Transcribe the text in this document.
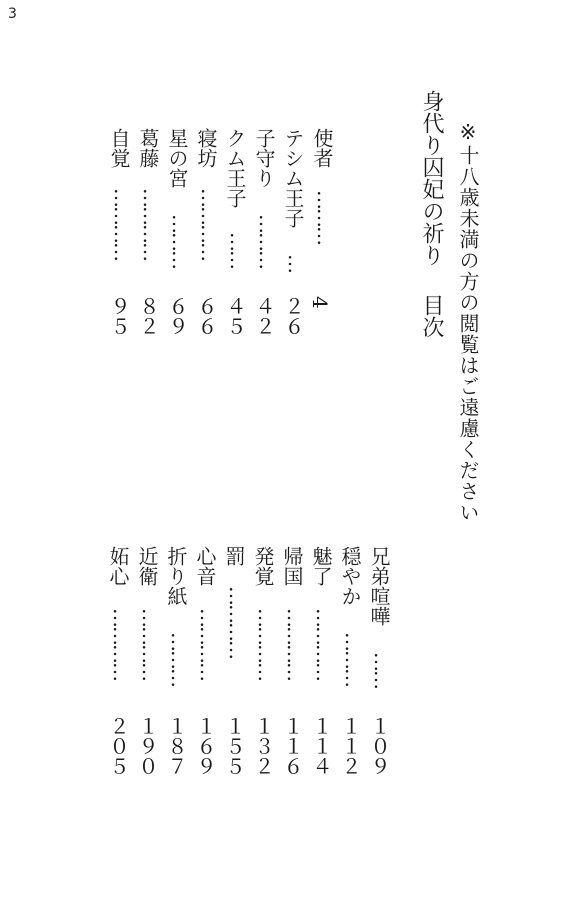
3
※十八歳未満の方の閲覧はご遠慮ください
身代り囚妃の祈り目次
使者
………
4
テシム王子
…
２６
子守り
………
４２
クム王子
……
４５
寝坊
…………
６６
星の宮
………
６９
葛藤
…………
８２
自覚
…………
９５
兄弟喧嘩
……
１０９
穏やか
………
１１２
魅了
…………
１１４
帰国
…………
１１６
発覚
…………
１３２
罰
…………
１５５
心音
…………
１６９
折り紙
………
１８７
近衛
…………
１９０
妬心
…………
２０５
